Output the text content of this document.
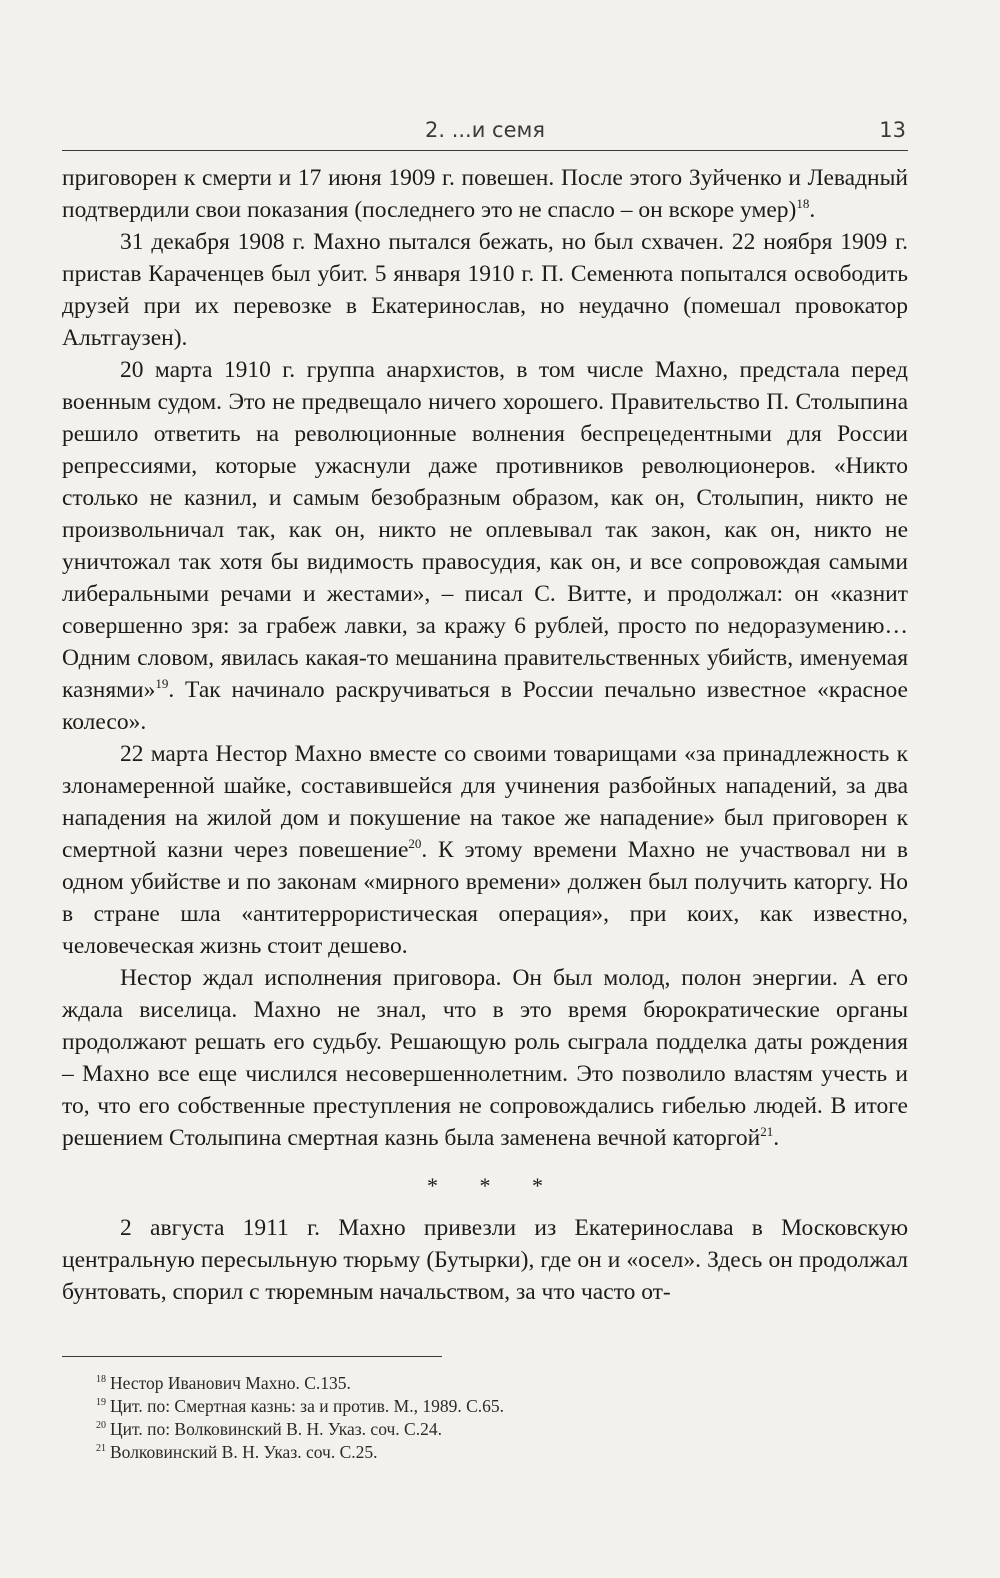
2. ...и семя	13

приговорен к смерти и 17 июня 1909 г. повешен. После этого Зуйченко и Левадный подтвердили свои показания (последнего это не спасло – он вскоре умер)$^{18}$.

31 декабря 1908 г. Махно пытался бежать, но был схвачен. 22 ноября 1909 г. пристав Караченцев был убит. 5 января 1910 г. П. Семенюта попытался освободить друзей при их перевозке в Екатеринослав, но неудачно (помешал провокатор Альтгаузен).

20 марта 1910 г. группа анархистов, в том числе Махно, предстала перед военным судом. Это не предвещало ничего хорошего. Правительство П. Столыпина решило ответить на революционные волнения беспрецедентными для России репрессиями, которые ужаснули даже противников революционеров. «Никто столько не казнил, и самым безобразным образом, как он, Столыпин, никто не произвольничал так, как он, никто не оплевывал так закон, как он, никто не уничтожал так хотя бы видимость правосудия, как он, и все сопровождая самыми либеральными речами и жестами», – писал С. Витте, и продолжал: он «казнит совершенно зря: за грабеж лавки, за кражу 6 рублей, просто по недоразумению… Одним словом, явилась какая-то мешанина правительственных убийств, именуемая казнями»$^{19}$. Так начинало раскручиваться в России печально известное «красное колесо».

22 марта Нестор Махно вместе со своими товарищами «за принадлежность к злонамеренной шайке, составившейся для учинения разбойных нападений, за два нападения на жилой дом и покушение на такое же нападение» был приговорен к смертной казни через повешение$^{20}$. К этому времени Махно не участвовал ни в одном убийстве и по законам «мирного времени» должен был получить каторгу. Но в стране шла «антитеррористическая операция», при коих, как известно, человеческая жизнь стоит дешево.

Нестор ждал исполнения приговора. Он был молод, полон энергии. А его ждала виселица. Махно не знал, что в это время бюрократические органы продолжают решать его судьбу. Решающую роль сыграла подделка даты рождения – Махно все еще числился несовершеннолетним. Это позволило властям учесть и то, что его собственные преступления не сопровождались гибелью людей. В итоге решением Столыпина смертная казнь была заменена вечной каторгой$^{21}$.

* * *

2 августа 1911 г. Махно привезли из Екатеринослава в Московскую центральную пересыльную тюрьму (Бутырки), где он и «осел». Здесь он продолжал бунтовать, спорил с тюремным начальством, за что часто от-

$^{18}$ Нестор Иванович Махно. С.135.

$^{19}$ Цит. по: Смертная казнь: за и против. М., 1989. С.65.

$^{20}$ Цит. по: Волковинский В. Н. Указ. соч. С.24.

$^{21}$ Волковинский В. Н. Указ. соч. С.25.
